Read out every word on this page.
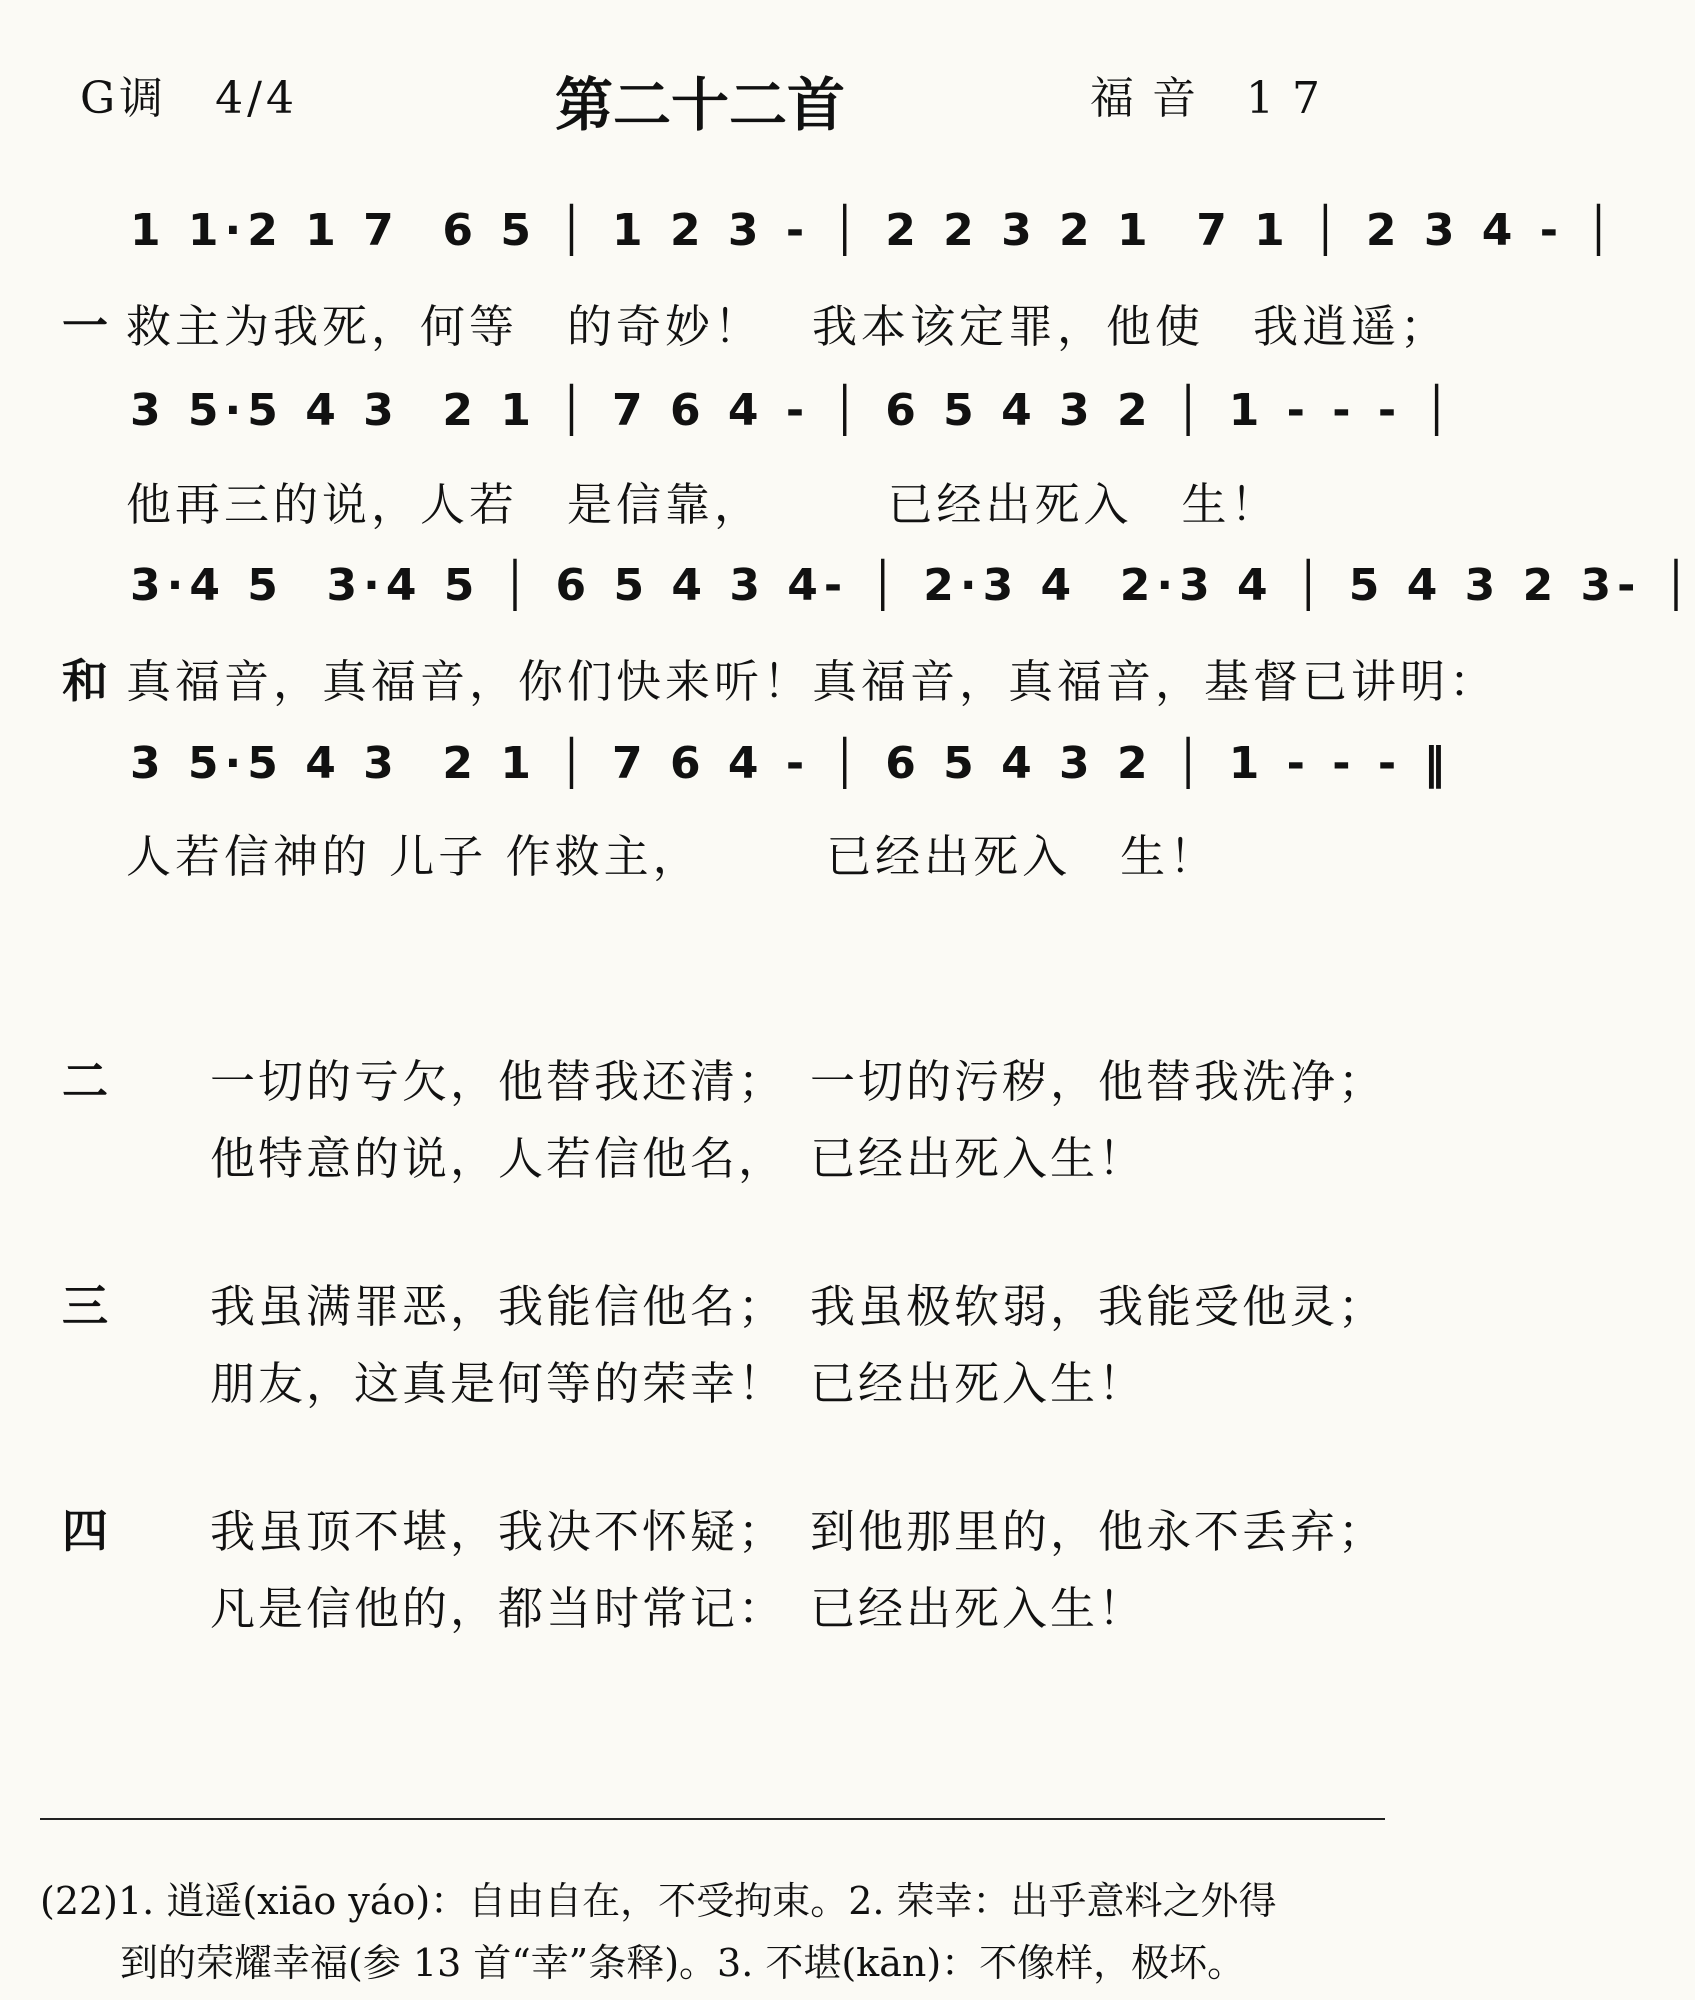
G调　4/4	第二十二首	福音 17
1 1·2 1 7  6 5 │ 1 2 3 - │ 2 2 3 2 1  7 1 │ 2 3 4 - │
一 救主为我死，何等　的奇妙！　我本该定罪，他使　我逍遥；
3 5·5 4 3  2 1 │ 7 6 4 - │ 6 5 4 3 2 │ 1 - - - │
他再三的说，人若　是信靠，　　　已经出死入　生！
3·4 5  3·4 5 │ 6 5 4 3 4- │ 2·3 4  2·3 4 │ 5 4 3 2 3- │
和 真福音，真福音，你们快来听！真福音，真福音，基督已讲明：
3 5·5 4 3  2 1 │ 7 6 4 - │ 6 5 4 3 2 │ 1 - - - ‖
人若信神的 儿子 作救主，　　　已经出死入　生！
二 一切的亏欠，他替我还清； 一切的污秽，他替我洗净；
他特意的说，人若信他名， 已经出死入生！
三 我虽满罪恶，我能信他名； 我虽极软弱，我能受他灵；
朋友，这真是何等的荣幸！ 已经出死入生！
四 我虽顶不堪，我决不怀疑； 到他那里的，他永不丢弃；
凡是信他的，都当时常记： 已经出死入生！
(22)1. 逍遥(xiāo yáo)：自由自在，不受拘束。2. 荣幸：出乎意料之外得
到的荣耀幸福(参 13 首“幸”条释)。3. 不堪(kān)：不像样，极坏。
